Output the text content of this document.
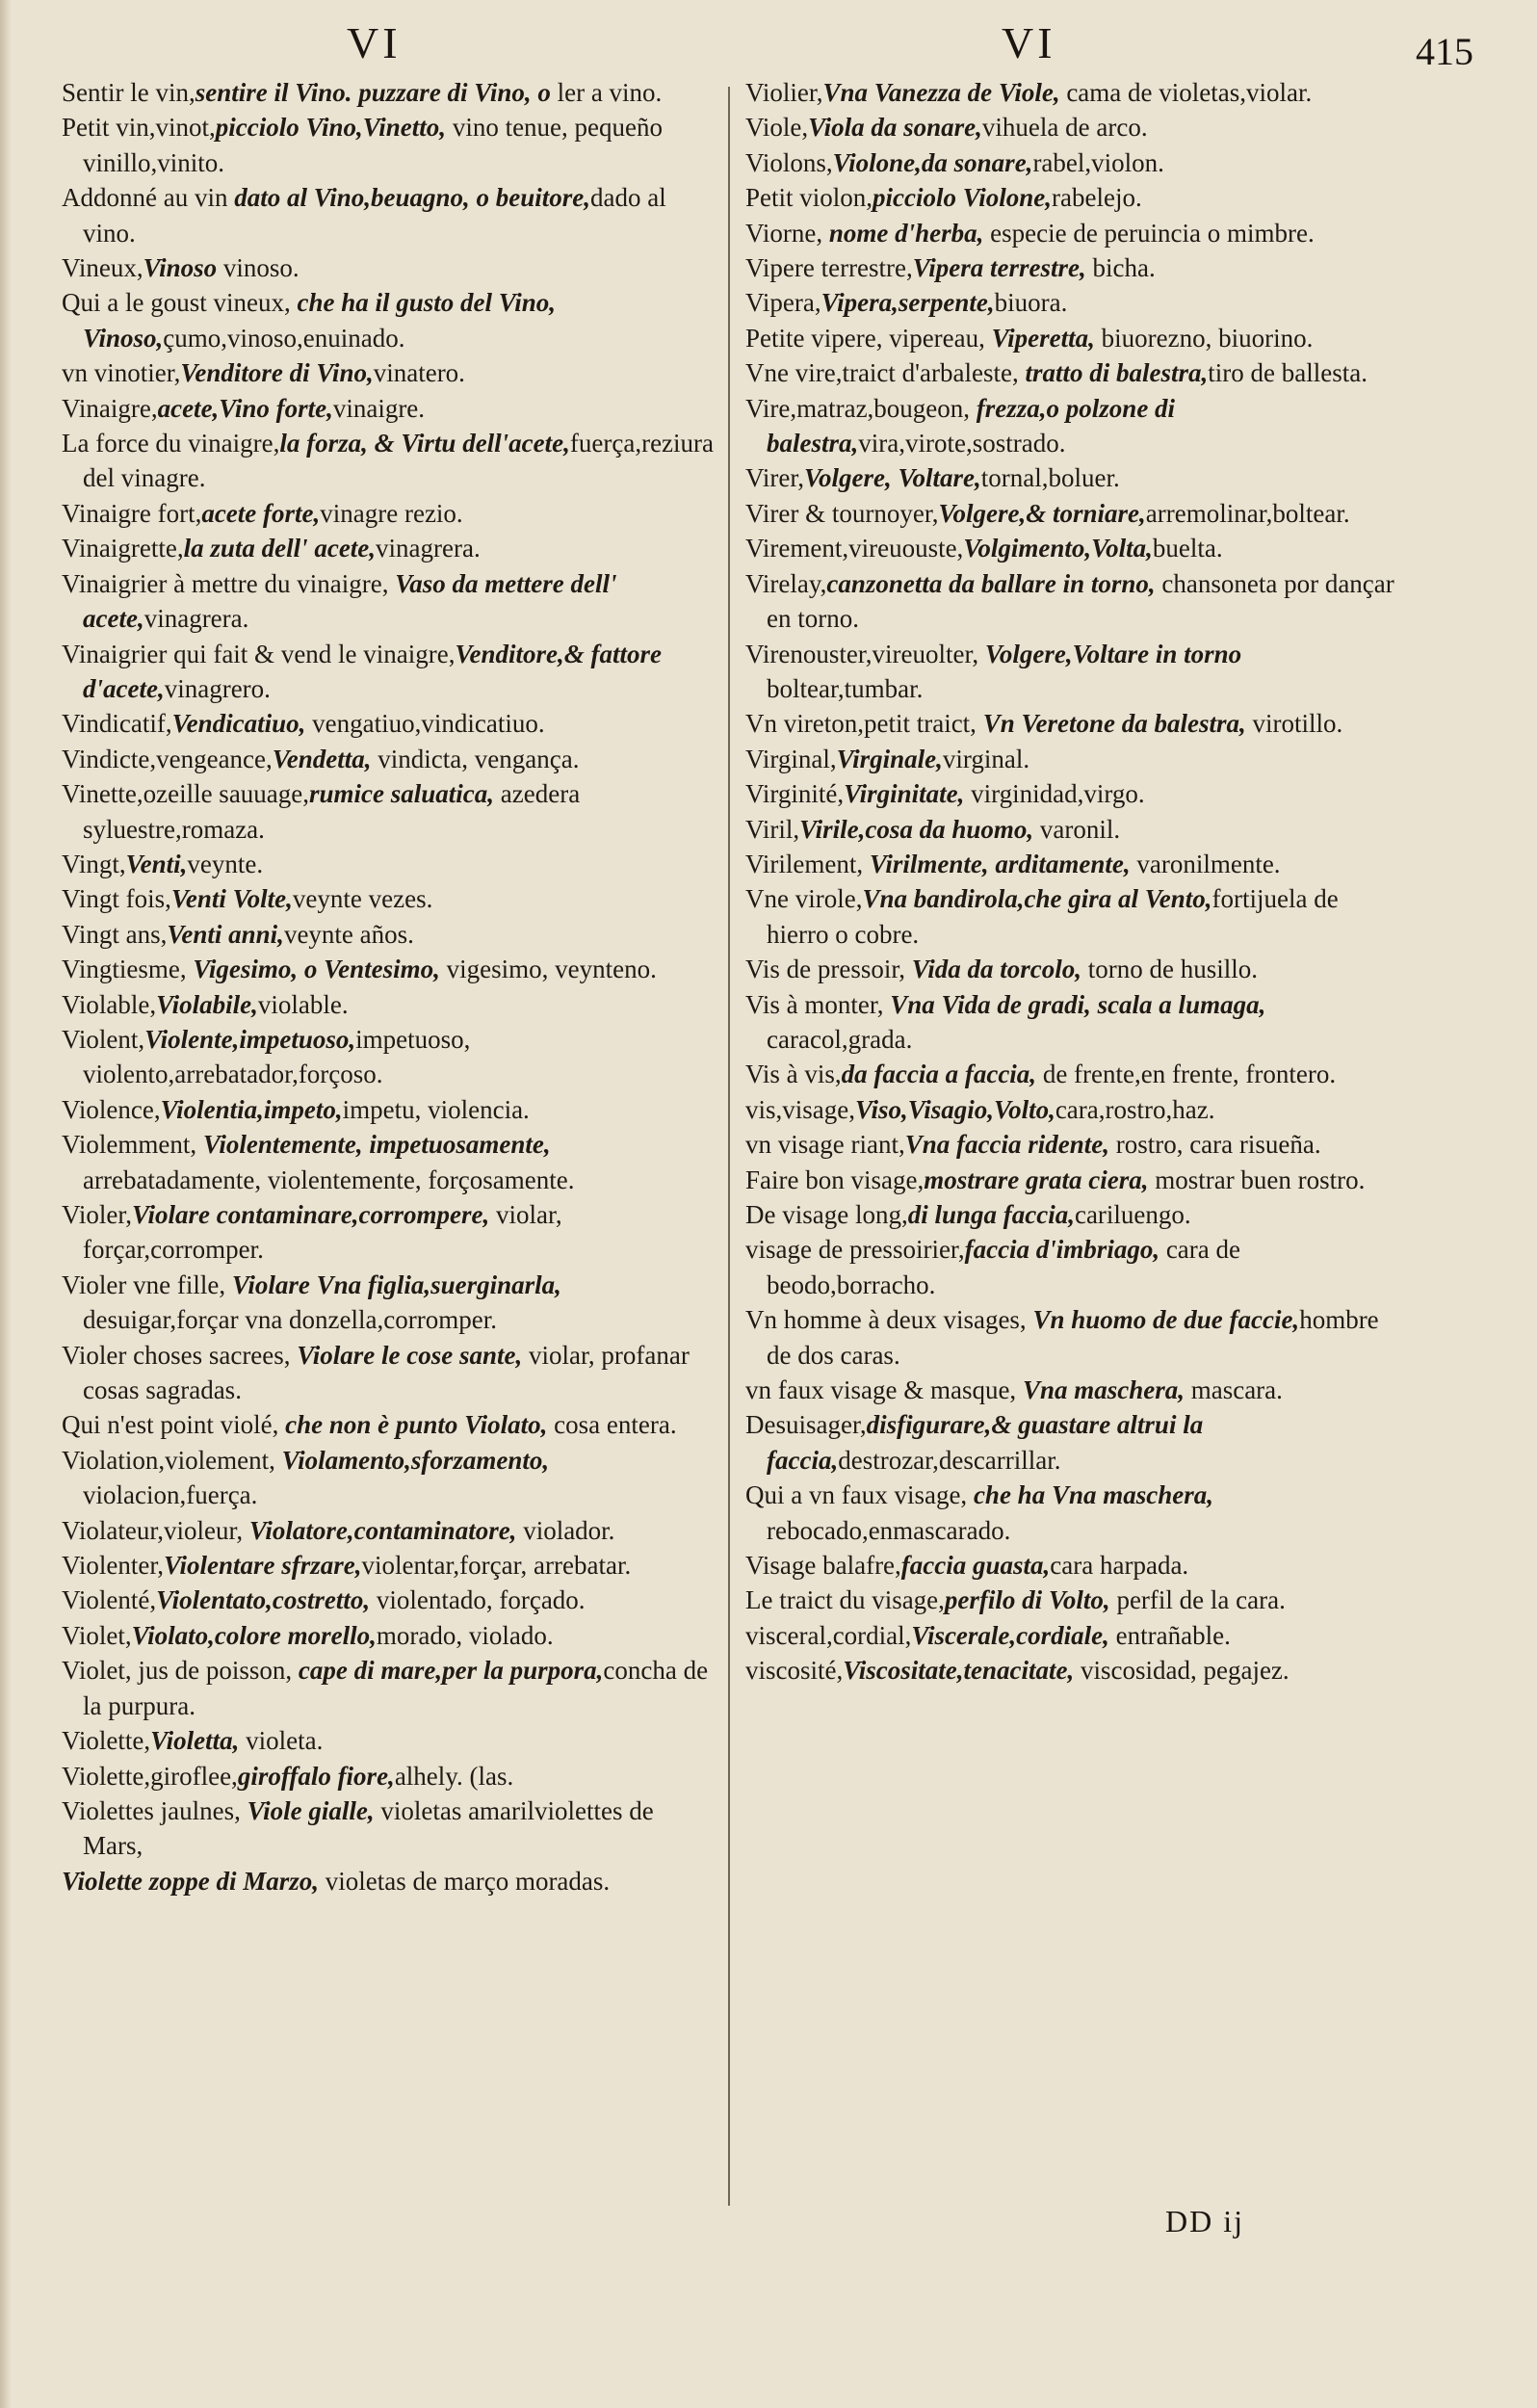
VI	VI	415

Sentir le vin,sentire il Vino. puzzare di Vino, o ler a vino.

Petit vin,vinot,picciolo Vino,Vinetto, vino tenue, pequeño vinillo,vinito.

Addonné au vin dato al Vino,beuagno, o beuitore,dado al vino.

Vineux,Vinoso vinoso.

Qui a le goust vineux, che ha il gusto del Vino, Vinoso,çumo,vinoso,enuinado.

vn vinotier,Venditore di Vino,vinatero.

Vinaigre,acete,Vino forte,vinaigre.

La force du vinaigre,la forza, & Virtu dell'acete,fuerça,reziura del vinagre.

Vinaigre fort,acete forte,vinagre rezio.

Vinaigrette,la zuta dell' acete,vinagrera.

Vinaigrier à mettre du vinaigre, Vaso da mettere dell' acete,vinagrera.

Vinaigrier qui fait & vend le vinaigre,Venditore,& fattore d'acete,vinagrero.

Vindicatif,Vendicatiuo, vengatiuo,vindicatiuo.

Vindicte,vengeance,Vendetta, vindicta, vengança.

Vinette,ozeille sauuage,rumice saluatica, azedera syluestre,romaza.

Vingt,Venti,veynte.

Vingt fois,Venti Volte,veynte vezes.

Vingt ans,Venti anni,veynte años.

Vingtiesme, Vigesimo, o Ventesimo, vigesimo, veynteno.

Violable,Violabile,violable.

Violent,Violente,impetuoso,impetuoso, violento,arrebatador,forçoso.

Violence,Violentia,impeto,impetu, violencia.

Violemment, Violentemente, impetuosamente, arrebatadamente, violentemente, forçosamente.

Violer,Violare contaminare,corrompere, violar, forçar,corromper.

Violer vne fille, Violare Vna figlia,suerginarla, desuigar,forçar vna donzella,corromper.

Violer choses sacrees, Violare le cose sante, violar, profanar cosas sagradas.

Qui n'est point violé, che non è punto Violato, cosa entera.

Violation,violement, Violamento,sforzamento, violacion,fuerça.

Violateur,violeur, Violatore,contaminatore, violador.

Violenter,Violentare sfrzare,violentar,forçar, arrebatar.

Violenté,Violentato,costretto, violentado, forçado.

Violet,Violato,colore morello,morado, violado.

Violet, jus de poisson, cape di mare,per la purpora,concha de la purpura.

Violette,Violetta, violeta.

Violette,giroflee,giroffalo fiore,alhely. (las.

Violettes jaulnes, Viole gialle, violetas amarilviolettes de Mars,

Violette zoppe di Marzo, violetas de março moradas.

Violier,Vna Vanezza de Viole, cama de violetas,violar.

Viole,Viola da sonare,vihuela de arco.

Violons,Violone,da sonare,rabel,violon.

Petit violon,picciolo Violone,rabelejo.

Viorne, nome d'herba, especie de peruincia o mimbre.

Vipere terrestre,Vipera terrestre, bicha.

Vipera,Vipera,serpente,biuora.

Petite vipere, vipereau, Viperetta, biuorezno, biuorino.

Vne vire,traict d'arbaleste, tratto di balestra,tiro de ballesta.

Vire,matraz,bougeon, frezza,o polzone di balestra,vira,virote,sostrado.

Virer,Volgere, Voltare,tornal,boluer.

Virer & tournoyer,Volgere,& torniare,arremolinar,boltear.

Virement,vireuouste,Volgimento,Volta,buelta.

Virelay,canzonetta da ballare in torno, chansoneta por dançar en torno.

Virenouster,vireuolter, Volgere,Voltare in torno boltear,tumbar.

Vn vireton,petit traict, Vn Veretone da balestra, virotillo.

Virginal,Virginale,virginal.

Virginité,Virginitate, virginidad,virgo.

Viril,Virile,cosa da huomo, varonil.

Virilement, Virilmente, arditamente, varonilmente.

Vne virole,Vna bandirola,che gira al Vento,fortijuela de hierro o cobre.

Vis de pressoir, Vida da torcolo, torno de husillo.

Vis à monter, Vna Vida de gradi, scala a lumaga, caracol,grada.

Vis à vis,da faccia a faccia, de frente,en frente, frontero.

vis,visage,Viso,Visagio,Volto,cara,rostro,haz.

vn visage riant,Vna faccia ridente, rostro, cara risueña.

Faire bon visage,mostrare grata ciera, mostrar buen rostro.

De visage long,di lunga faccia,cariluengo.

visage de pressoirier,faccia d'imbriago, cara de beodo,borracho.

Vn homme à deux visages, Vn huomo de due faccie,hombre de dos caras.

vn faux visage & masque, Vna maschera, mascara.

Desuisager,disfigurare,& guastare altrui la faccia,destrozar,descarrillar.

Qui a vn faux visage, che ha Vna maschera, rebocado,enmascarado.

Visage balafre,faccia guasta,cara harpada.

Le traict du visage,perfilo di Volto, perfil de la cara.

visceral,cordial,Viscerale,cordiale, entrañable.

viscosité,Viscositate,tenacitate, viscosidad, pegajez.

DD ij
